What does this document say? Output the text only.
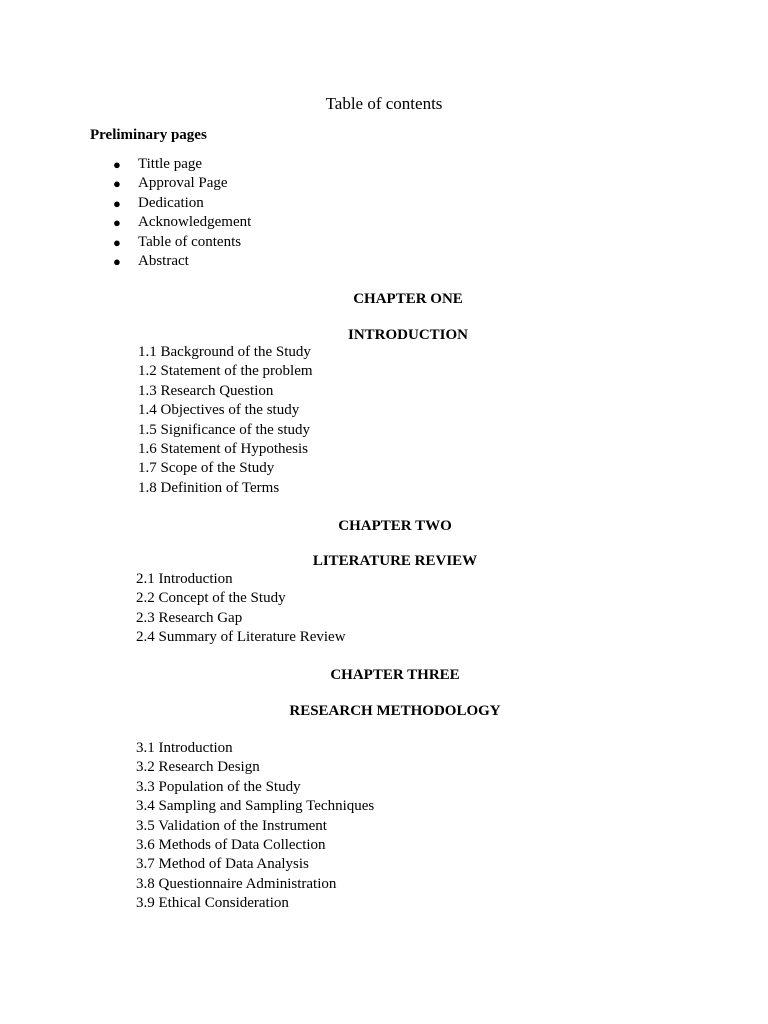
Table of contents
Preliminary pages
● Tittle page
● Approval Page
● Dedication
● Acknowledgement
● Table of contents
● Abstract
CHAPTER ONE
INTRODUCTION
1.1 Background of the Study
1.2 Statement of the problem
1.3 Research Question
1.4 Objectives of the study
1.5 Significance of the study
1.6 Statement of Hypothesis
1.7 Scope of the Study
1.8 Definition of Terms
CHAPTER TWO
LITERATURE REVIEW
2.1 Introduction
2.2 Concept of the Study
2.3 Research Gap
2.4 Summary of Literature Review
CHAPTER THREE
RESEARCH METHODOLOGY
3.1 Introduction
3.2 Research Design
3.3 Population of the Study
3.4 Sampling and Sampling Techniques
3.5 Validation of the Instrument
3.6 Methods of Data Collection
3.7 Method of Data Analysis
3.8 Questionnaire Administration
3.9 Ethical Consideration
